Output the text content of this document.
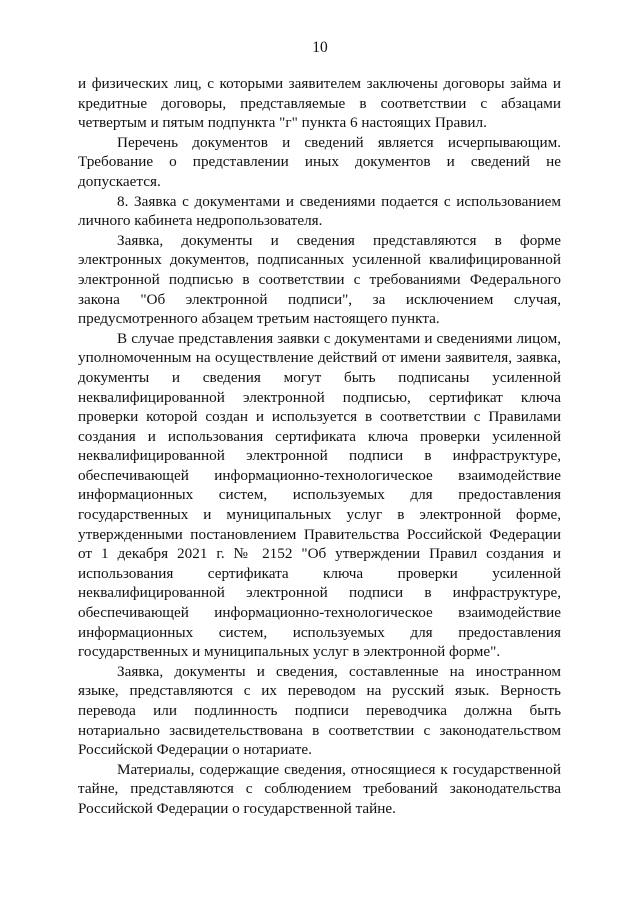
10

и физических лиц, с которыми заявителем заключены договоры займа и кредитные договоры, представляемые в соответствии с абзацами четвертым и пятым подпункта "г" пункта 6 настоящих Правил.

Перечень документов и сведений является исчерпывающим. Требование о представлении иных документов и сведений не допускается.

8. Заявка с документами и сведениями подается с использованием личного кабинета недропользователя.

Заявка, документы и сведения представляются в форме электронных документов, подписанных усиленной квалифицированной электронной подписью в соответствии с требованиями Федерального закона "Об электронной подписи", за исключением случая, предусмотренного абзацем третьим настоящего пункта.

В случае представления заявки с документами и сведениями лицом, уполномоченным на осуществление действий от имени заявителя, заявка, документы и сведения могут быть подписаны усиленной неквалифицированной электронной подписью, сертификат ключа проверки которой создан и используется в соответствии с Правилами создания и использования сертификата ключа проверки усиленной неквалифицированной электронной подписи в инфраструктуре, обеспечивающей информационно-технологическое взаимодействие информационных систем, используемых для предоставления государственных и муниципальных услуг в электронной форме, утвержденными постановлением Правительства Российской Федерации от 1 декабря 2021 г. № 2152 "Об утверждении Правил создания и использования сертификата ключа проверки усиленной неквалифицированной электронной подписи в инфраструктуре, обеспечивающей информационно-технологическое взаимодействие информационных систем, используемых для предоставления государственных и муниципальных услуг в электронной форме".

Заявка, документы и сведения, составленные на иностранном языке, представляются с их переводом на русский язык. Верность перевода или подлинность подписи переводчика должна быть нотариально засвидетельствована в соответствии с законодательством Российской Федерации о нотариате.

Материалы, содержащие сведения, относящиеся к государственной тайне, представляются с соблюдением требований законодательства Российской Федерации о государственной тайне.
